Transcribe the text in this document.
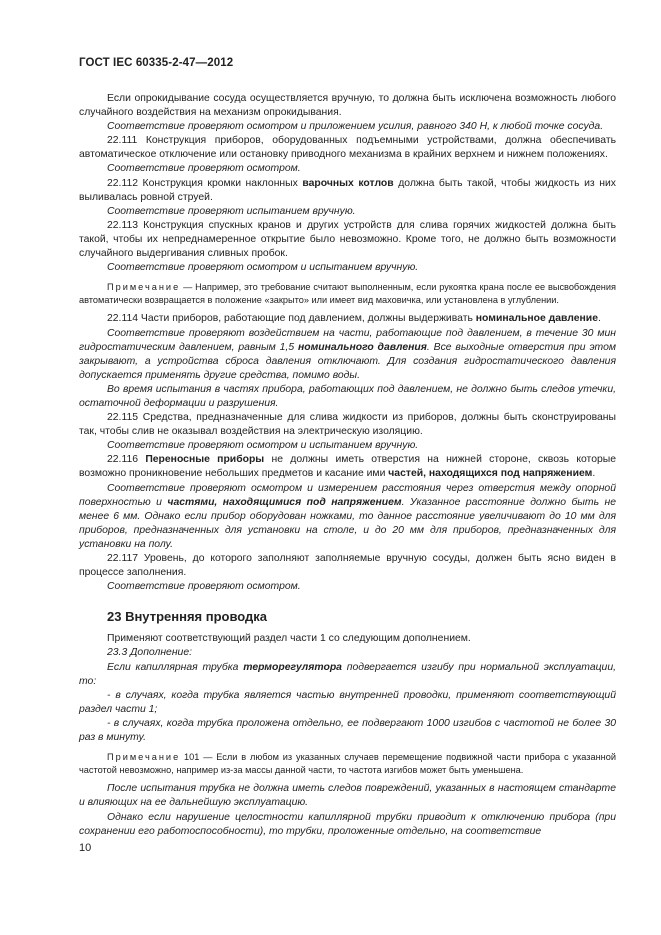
ГОСТ IEC 60335-2-47—2012

Если опрокидывание сосуда осуществляется вручную, то должна быть исключена возможность любого случайного воздействия на механизм опрокидывания.

Соответствие проверяют осмотром и приложением усилия, равного 340 Н, к любой точке сосуда.

22.111 Конструкция приборов, оборудованных подъемными устройствами, должна обеспечивать автоматическое отключение или остановку приводного механизма в крайних верхнем и нижнем положениях.

Соответствие проверяют осмотром.

22.112 Конструкция кромки наклонных варочных котлов должна быть такой, чтобы жидкость из них выливалась ровной струей.

Соответствие проверяют испытанием вручную.

22.113 Конструкция спускных кранов и других устройств для слива горячих жидкостей должна быть такой, чтобы их непреднамеренное открытие было невозможно. Кроме того, не должно быть возможности случайного выдергивания сливных пробок.

Соответствие проверяют осмотром и испытанием вручную.

Примечание — Например, это требование считают выполненным, если рукоятка крана после ее высвобождения автоматически возвращается в положение «закрыто» или имеет вид маховичка, или установлена в углублении.

22.114 Части приборов, работающие под давлением, должны выдерживать номинальное давление.

Соответствие проверяют воздействием на части, работающие под давлением, в течение 30 мин гидростатическим давлением, равным 1,5 номинального давления. Все выходные отверстия при этом закрывают, а устройства сброса давления отключают. Для создания гидростатического давления допускается применять другие средства, помимо воды.

Во время испытания в частях прибора, работающих под давлением, не должно быть следов утечки, остаточной деформации и разрушения.

22.115 Средства, предназначенные для слива жидкости из приборов, должны быть сконструированы так, чтобы слив не оказывал воздействия на электрическую изоляцию.

Соответствие проверяют осмотром и испытанием вручную.

22.116 Переносные приборы не должны иметь отверстия на нижней стороне, сквозь которые возможно проникновение небольших предметов и касание ими частей, находящихся под напряжением.

Соответствие проверяют осмотром и измерением расстояния через отверстия между опорной поверхностью и частями, находящимися под напряжением. Указанное расстояние должно быть не менее 6 мм. Однако если прибор оборудован ножками, то данное расстояние увеличивают до 10 мм для приборов, предназначенных для установки на столе, и до 20 мм для приборов, предназначенных для установки на полу.

22.117 Уровень, до которого заполняют заполняемые вручную сосуды, должен быть ясно виден в процессе заполнения.

Соответствие проверяют осмотром.

23 Внутренняя проводка

Применяют соответствующий раздел части 1 со следующим дополнением.

23.3 Дополнение:

Если капиллярная трубка терморегулятора подвергается изгибу при нормальной эксплуатации, то:

- в случаях, когда трубка является частью внутренней проводки, применяют соответствующий раздел части 1;

- в случаях, когда трубка проложена отдельно, ее подвергают 1000 изгибов с частотой не более 30 раз в минуту.

Примечание 101 — Если в любом из указанных случаев перемещение подвижной части прибора с указанной частотой невозможно, например из-за массы данной части, то частота изгибов может быть уменьшена.

После испытания трубка не должна иметь следов повреждений, указанных в настоящем стандарте и влияющих на ее дальнейшую эксплуатацию.

Однако если нарушение целостности капиллярной трубки приводит к отключению прибора (при сохранении его работоспособности), то трубки, проложенные отдельно, на соответствие

10
